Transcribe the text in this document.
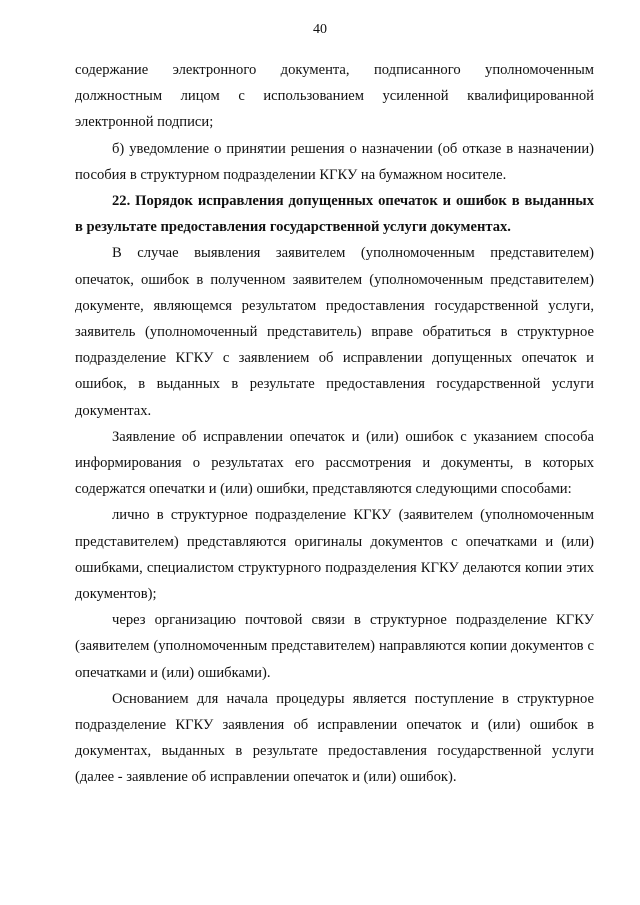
40

содержание электронного документа, подписанного уполномоченным должностным лицом с использованием усиленной квалифицированной электронной подписи;

б) уведомление о принятии решения о назначении (об отказе в назначении) пособия в структурном подразделении КГКУ на бумажном носителе.

22. Порядок исправления допущенных опечаток и ошибок в выданных в результате предоставления государственной услуги документах.

В случае выявления заявителем (уполномоченным представителем) опечаток, ошибок в полученном заявителем (уполномоченным представителем) документе, являющемся результатом предоставления государственной услуги, заявитель (уполномоченный представитель) вправе обратиться в структурное подразделение КГКУ с заявлением об исправлении допущенных опечаток и ошибок, в выданных в результате предоставления государственной услуги документах.

Заявление об исправлении опечаток и (или) ошибок с указанием способа информирования о результатах его рассмотрения и документы, в которых содержатся опечатки и (или) ошибки, представляются следующими способами:

лично в структурное подразделение КГКУ (заявителем (уполномоченным представителем) представляются оригиналы документов с опечатками и (или) ошибками, специалистом структурного подразделения КГКУ делаются копии этих документов);

через организацию почтовой связи в структурное подразделение КГКУ (заявителем (уполномоченным представителем) направляются копии документов с опечатками и (или) ошибками).

Основанием для начала процедуры является поступление в структурное подразделение КГКУ заявления об исправлении опечаток и (или) ошибок в документах, выданных в результате предоставления государственной услуги (далее - заявление об исправлении опечаток и (или) ошибок).
